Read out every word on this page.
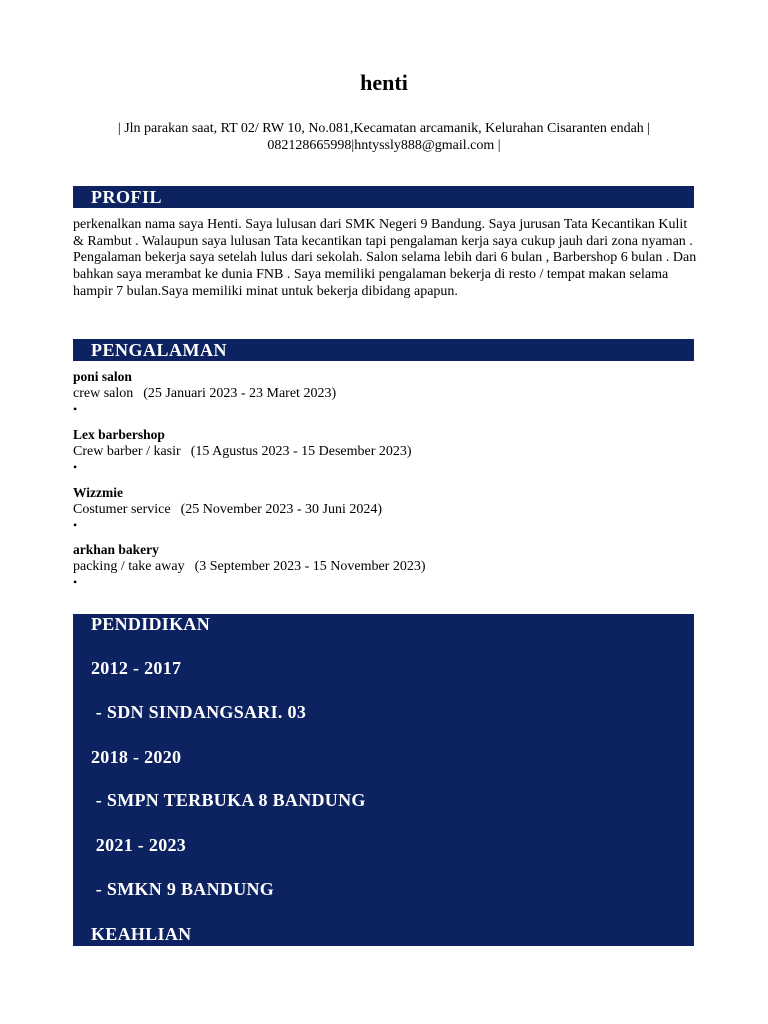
henti
| Jln parakan saat, RT 02/ RW 10, No.081,Kecamatan arcamanik, Kelurahan Cisaranten endah |
082128665998|hntyssly888@gmail.com |
PROFIL
perkenalkan nama saya Henti. Saya lulusan dari SMK Negeri 9 Bandung. Saya jurusan Tata Kecantikan Kulit & Rambut . Walaupun saya lulusan Tata kecantikan tapi pengalaman kerja saya cukup jauh dari zona nyaman . Pengalaman bekerja saya setelah lulus dari sekolah. Salon selama lebih dari 6 bulan , Barbershop 6 bulan . Dan bahkan saya merambat ke dunia FNB . Saya memiliki pengalaman bekerja di resto / tempat makan selama hampir 7 bulan.Saya memiliki minat untuk bekerja dibidang apapun.
PENGALAMAN
poni salon
crew salon (25 Januari 2023 - 23 Maret 2023)
•
Lex barbershop
Crew barber / kasir (15 Agustus 2023 - 15 Desember 2023)
•
Wizzmie
Costumer service (25 November 2023 - 30 Juni 2024)
•
arkhan bakery
packing / take away (3 September 2023 - 15 November 2023)
•
PENDIDIKAN
2012 - 2017
- SDN SINDANGSARI. 03
2018 - 2020
- SMPN TERBUKA 8 BANDUNG
2021 - 2023
- SMKN 9 BANDUNG
KEAHLIAN
